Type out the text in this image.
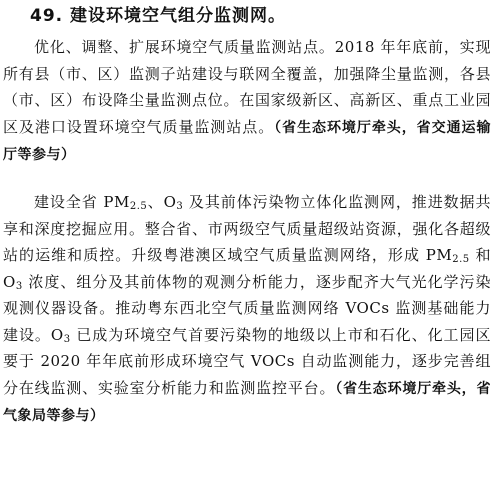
49. 建设环境空气组分监测网。

优化、调整、扩展环境空气质量监测站点。2018 年年底前，实现所有县（市、区）监测子站建设与联网全覆盖，加强降尘量监测，各县（市、区）布设降尘量监测点位。在国家级新区、高新区、重点工业园区及港口设置环境空气质量监测站点。（省生态环境厅牵头，省交通运输厅等参与）

建设全省 $PM_{2.5}$、$O_3$ 及其前体污染物立体化监测网，推进数据共享和深度挖掘应用。整合省、市两级空气质量超级站资源，强化各超级站的运维和质控。升级粤港澳区域空气质量监测网络，形成 $PM_{2.5}$ 和 $O_3$ 浓度、组分及其前体物的观测分析能力，逐步配齐大气光化学污染观测仪器设备。推动粤东西北空气质量监测网络 VOCs 监测基础能力建设。$O_3$ 已成为环境空气首要污染物的地级以上市和石化、化工园区要于 2020 年年底前形成环境空气 VOCs 自动监测能力，逐步完善组分在线监测、实验室分析能力和监测监控平台。（省生态环境厅牵头，省气象局等参与）
